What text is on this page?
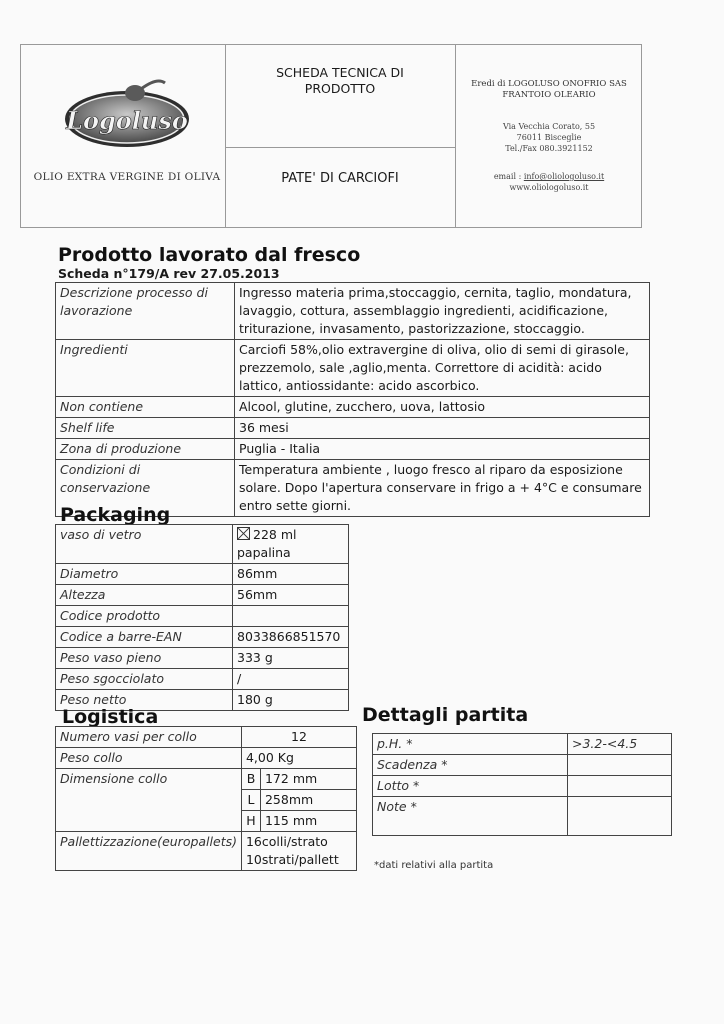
Logoluso
OLIO EXTRA VERGINE DI OLIVA
SCHEDA TECNICA DI PRODOTTO
PATE' DI CARCIOFI
Eredi di LOGOLUSO ONOFRIO SAS
FRANTOIO OLEARIO
Via Vecchia Corato, 55
76011 Bisceglie
Tel./Fax 080.3921152
email : info@oliologoluso.it
www.oliologoluso.it
Prodotto lavorato dal fresco
Scheda n°179/A rev 27.05.2013
Descrizione processo di lavorazione	Ingresso materia prima,stoccaggio, cernita, taglio, mondatura, lavaggio, cottura, assemblaggio ingredienti, acidificazione, triturazione, invasamento, pastorizzazione, stoccaggio.
Ingredienti	Carciofi 58%,olio extravergine di oliva, olio di semi di girasole, prezzemolo, sale ,aglio,menta. Correttore di acidità: acido lattico, antiossidante: acido ascorbico.
Non contiene	Alcool, glutine, zucchero, uova, lattosio
Shelf life	36 mesi
Zona di produzione	Puglia - Italia
Condizioni di conservazione	Temperatura ambiente , luogo fresco al riparo da esposizione solare. Dopo l'apertura conservare in frigo a + 4°C e consumare entro sette giorni.
Packaging
vaso di vetro	228 ml
papalina
Diametro	86mm
Altezza	56mm
Codice prodotto	
Codice a barre-EAN	8033866851570
Peso vaso pieno	333 g
Peso sgocciolato	/
Peso netto	180 g
Logistica
Numero vasi per collo	12	
Peso collo	4,00 Kg	
Dimensione collo	B	172 mm
	L	258mm
	H	115 mm
Pallettizzazione(europallets)	16colli/strato
10strati/pallett	
Dettagli partita
p.H. *	>3.2-<4.5
Scadenza *	
Lotto *	
Note *	
*dati relativi alla partita
